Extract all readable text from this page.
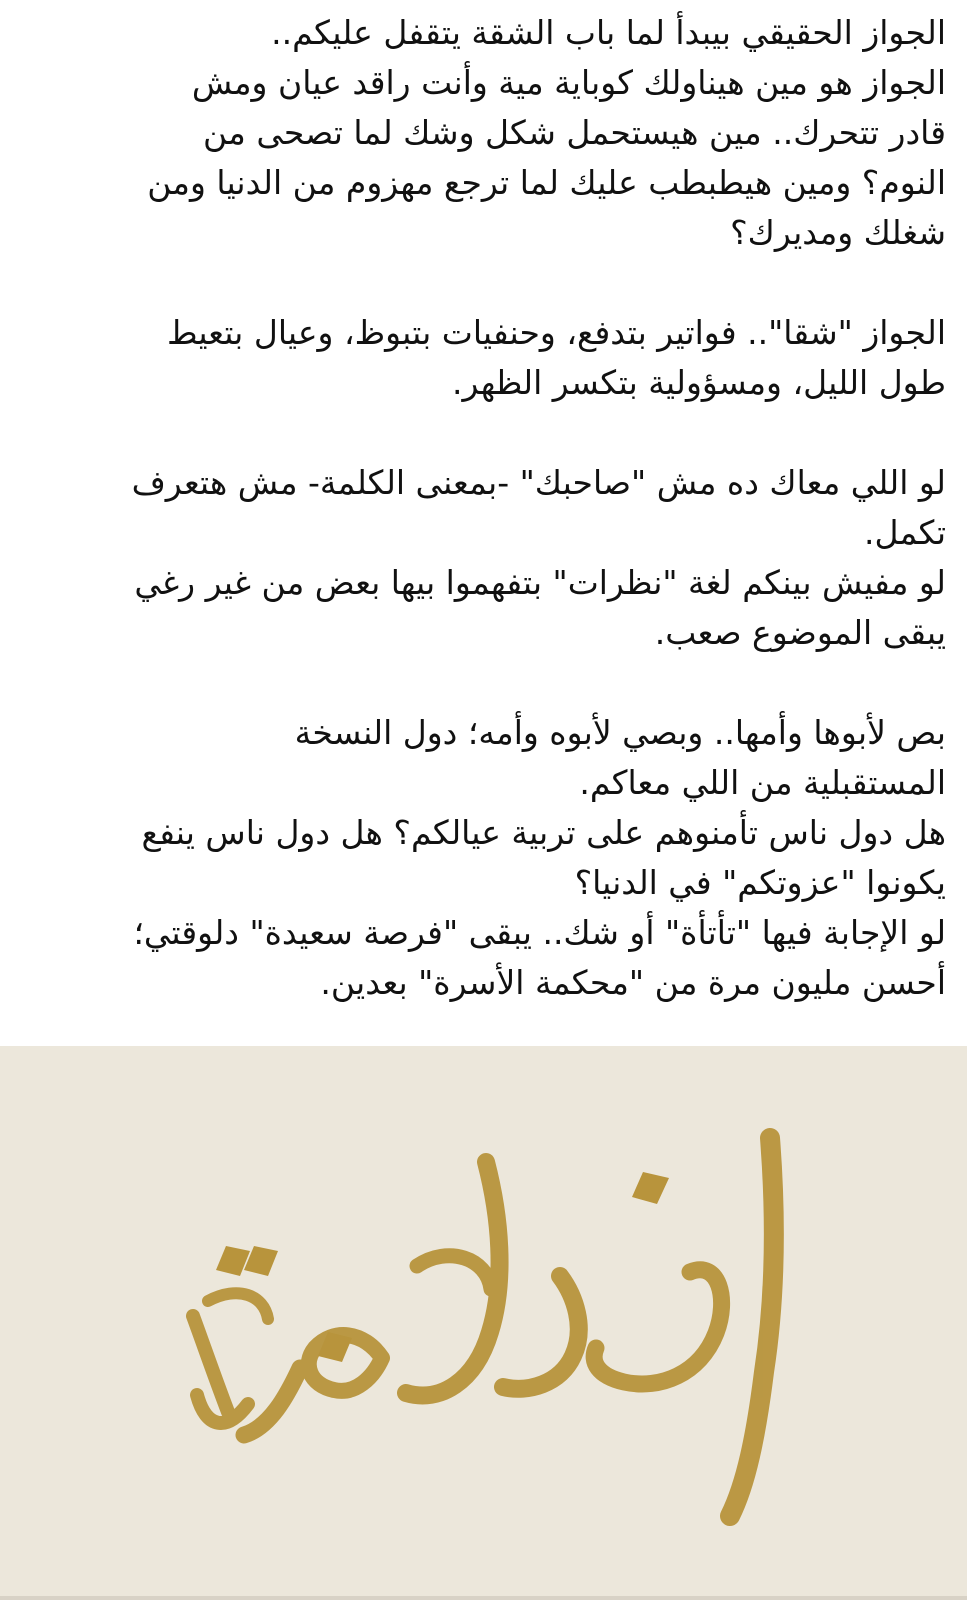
الجواز الحقيقي بيبدأ لما باب الشقة يتقفل عليكم..
الجواز هو مين هيناولك كوباية مية وأنت راقد عيان ومش
قادر تتحرك.. مين هيستحمل شكل وشك لما تصحى من
النوم؟ ومين هيطبطب عليك لما ترجع مهزوم من الدنيا ومن
شغلك ومديرك؟
الجواز "شقا".. فواتير بتدفع، وحنفيات بتبوظ، وعيال بتعيط
طول الليل، ومسؤولية بتكسر الظهر.
لو اللي معاك ده مش "صاحبك" -بمعنى الكلمة- مش هتعرف
تكمل.
لو مفيش بينكم لغة "نظرات" بتفهموا بيها بعض من غير رغي
يبقى الموضوع صعب.
بص لأبوها وأمها.. وبصي لأبوه وأمه؛ دول النسخة
المستقبلية من اللي معاكم.
هل دول ناس تأمنوهم على تربية عيالكم؟ هل دول ناس ينفع
يكونوا "عزوتكم" في الدنيا؟
لو الإجابة فيها "تأتأة" أو شك.. يبقى "فرصة سعيدة" دلوقتي؛
أحسن مليون مرة من "محكمة الأسرة" بعدين.
